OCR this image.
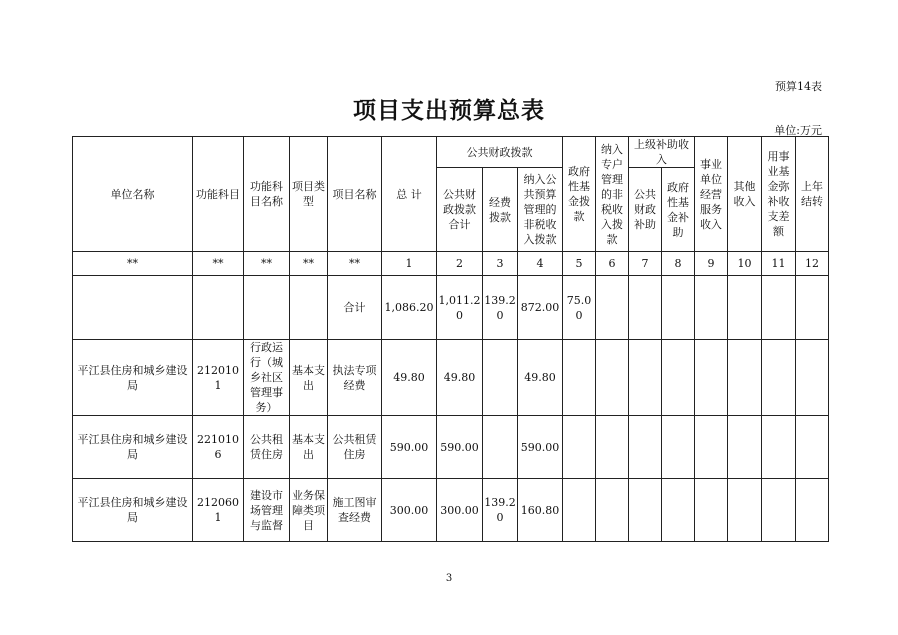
预算14表
项目支出预算总表
单位:万元
单位名称	功能科目	功能科目名称	项目类型	项目名称	总 计	公共财政拨款			政府性基金拨款	纳入专户管理的非税收入拨款	上级补助收入		事业单位经营服务收入	其他收入	用事业基金弥补收支差额	上年结转
						公共财政拨款合计	经费拨款	纳入公共预算管理的非税收入拨款			公共财政补助	政府性基金补助				
**	**	**	**	**	1	2	3	4	5	6	7	8	9	10	11	12
				合计	1,086.20	1,011.20	139.20	872.00	75.00							
平江县住房和城乡建设局	2120101	行政运行（城乡社区管理事务）	基本支出	执法专项经费	49.80	49.80		49.80								
平江县住房和城乡建设局	2210106	公共租赁住房	基本支出	公共租赁住房	590.00	590.00		590.00								
平江县住房和城乡建设局	2120601	建设市场管理与监督	业务保障类项目	施工图审查经费	300.00	300.00	139.20	160.80								
3
